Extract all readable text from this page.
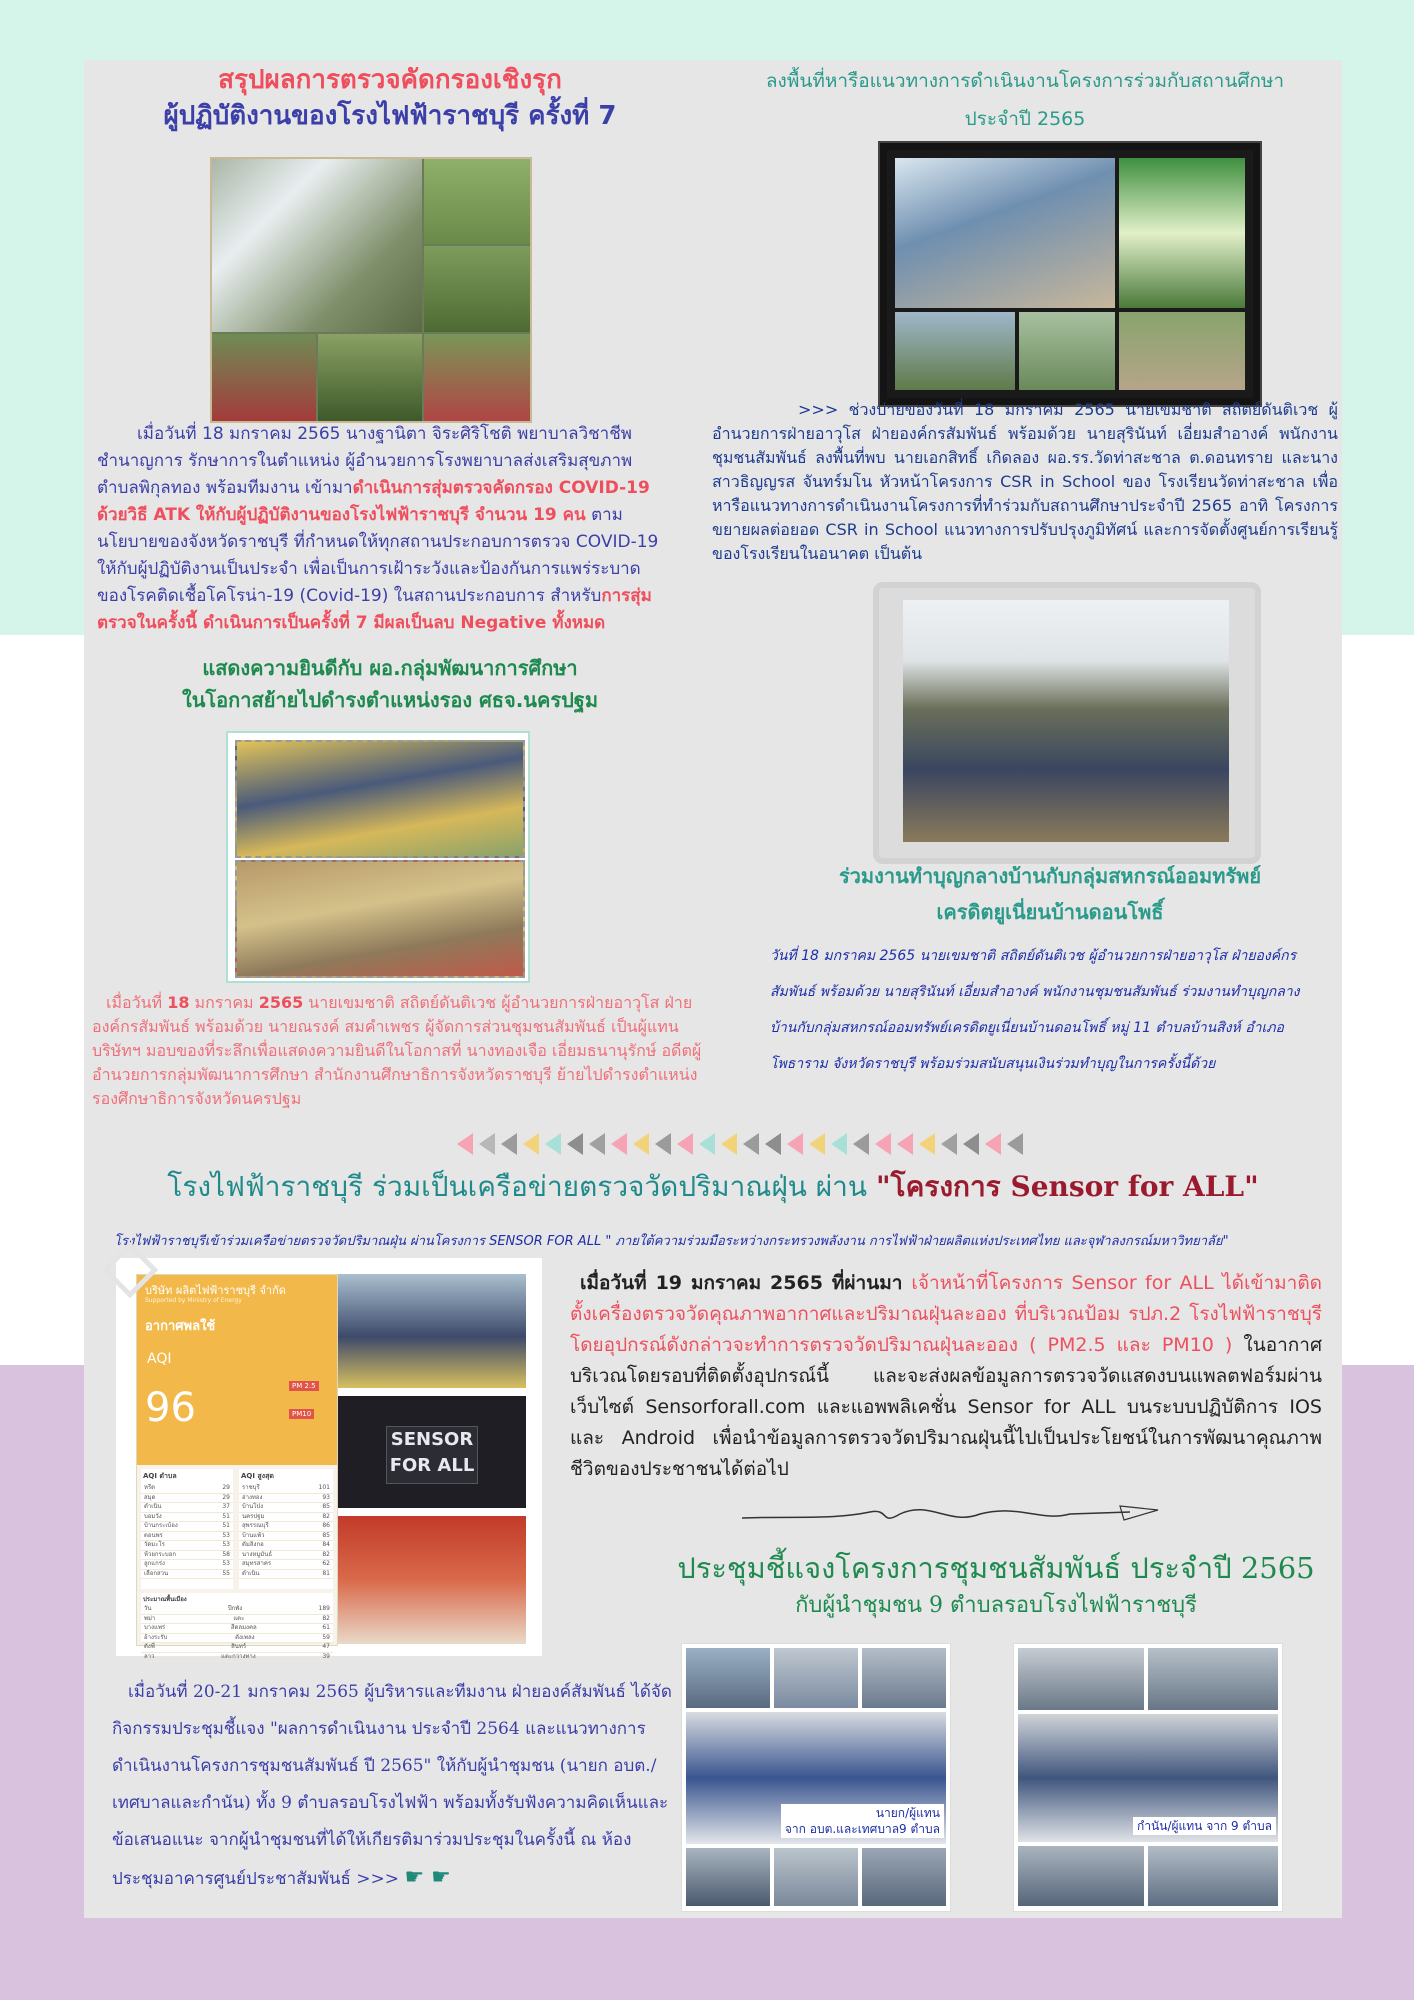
สรุปผลการตรวจคัดกรองเชิงรุก
ผู้ปฏิบัติงานของโรงไฟฟ้าราชบุรี ครั้งที่ 7
เมื่อวันที่ 18 มกราคม 2565 นางฐานิตา จิระศิริโชติ พยาบาลวิชาชีพ ชำนาญการ รักษาการในตำแหน่ง ผู้อำนวยการโรงพยาบาลส่งเสริมสุขภาพตำบลพิกุลทอง พร้อมทีมงาน เข้ามาดำเนินการสุ่มตรวจคัดกรอง COVID-19 ด้วยวิธี ATK ให้กับผู้ปฏิบัติงานของโรงไฟฟ้าราชบุรี จำนวน 19 คน ตามนโยบายของจังหวัดราชบุรี ที่กำหนดให้ทุกสถานประกอบการตรวจ COVID-19 ให้กับผู้ปฏิบัติงานเป็นประจำ เพื่อเป็นการเฝ้าระวังและป้องกันการแพร่ระบาดของโรคติดเชื้อโคโรน่า-19 (Covid-19) ในสถานประกอบการ สำหรับการสุ่มตรวจในครั้งนี้ ดำเนินการเป็นครั้งที่ 7 มีผลเป็นลบ Negative ทั้งหมด
ลงพื้นที่หารือแนวทางการดำเนินงานโครงการร่วมกับสถานศึกษา
ประจำปี 2565
>>> ช่วงบ่ายของวันที่ 18 มกราคม 2565 นายเขมชาติ สถิตย์ดันติเวช ผู้อำนวยการฝ่ายอาวุโส ฝ่ายองค์กรสัมพันธ์ พร้อมด้วย นายสุรินันท์ เอี่ยมสำอางค์ พนักงานชุมชนสัมพันธ์ ลงพื้นที่พบ นายเอกสิทธิ์ เกิดลอง ผอ.รร.วัดท่าสะชาล ต.ดอนทราย และนางสาวธิญญรส จันทร์มโน หัวหน้าโครงการ CSR in School ของ โรงเรียนวัดท่าสะชาล เพื่อหารือแนวทางการดำเนินงานโครงการที่ทำร่วมกับสถานศึกษาประจำปี 2565 อาทิ โครงการขยายผลต่อยอด CSR in School แนวทางการปรับปรุงภูมิทัศน์ และการจัดตั้งศูนย์การเรียนรู้ของโรงเรียนในอนาคต เป็นต้น
แสดงความยินดีกับ ผอ.กลุ่มพัฒนาการศึกษา
ในโอกาสย้ายไปดำรงตำแหน่งรอง ศธจ.นครปฐม
เมื่อวันที่ 18 มกราคม 2565 นายเขมชาติ สถิตย์ดันติเวช ผู้อำนวยการฝ่ายอาวุโส ฝ่ายองค์กรสัมพันธ์ พร้อมด้วย นายณรงค์ สมคำเพชร ผู้จัดการส่วนชุมชนสัมพันธ์ เป็นผู้แทนบริษัทฯ มอบของที่ระลึกเพื่อแสดงความยินดีในโอกาสที่ นางทองเจือ เอี่ยมธนานุรักษ์ อดีตผู้อำนวยการกลุ่มพัฒนาการศึกษา สำนักงานศึกษาธิการจังหวัดราชบุรี ย้ายไปดำรงตำแหน่งรองศึกษาธิการจังหวัดนครปฐม
ร่วมงานทำบุญกลางบ้านกับกลุ่มสหกรณ์ออมทรัพย์
เครดิตยูเนี่ยนบ้านดอนโพธิ์
วันที่ 18 มกราคม 2565 นายเขมชาติ สถิตย์ดันติเวช ผู้อำนวยการฝ่ายอาวุโส ฝ่ายองค์กรสัมพันธ์ พร้อมด้วย นายสุรินันท์ เอี่ยมสำอางค์ พนักงานชุมชนสัมพันธ์ ร่วมงานทำบุญกลางบ้านกับกลุ่มสหกรณ์ออมทรัพย์เครดิตยูเนี่ยนบ้านดอนโพธิ์ หมู่ 11 ตำบลบ้านสิงห์ อำเภอโพธาราม จังหวัดราชบุรี พร้อมร่วมสนับสนุนเงินร่วมทำบุญในการครั้งนี้ด้วย
โรงไฟฟ้าราชบุรี ร่วมเป็นเครือข่ายตรวจวัดปริมาณฝุ่น ผ่าน "โครงการ Sensor for ALL"
โรงไฟฟ้าราชบุรีเข้าร่วมเครือข่ายตรวจวัดปริมาณฝุ่น ผ่านโครงการ SENSOR FOR ALL " ภายใต้ความร่วมมือระหว่างกระทรวงพลังงาน การไฟฟ้าฝ่ายผลิตแห่งประเทศไทย และจุฬาลงกรณ์มหาวิทยาลัย"
บริษัท ผลิตไฟฟ้าราชบุรี จำกัด
Supported by Ministry of Energy
อากาศพลใช้
AQI
96	PM 2.5
PM10
AQI ตำบล
หรีด	29
สมุด	29
ดำเนิน	37
บอมวัง	51
บ้านกระเบ้อง	51
ดอนพร	53
วัดมะโร	53
ห้วยกระบอก	58
ลูกแกร่ง	53
เลือกสวน	55
AQI สูงสุด
ราชบุรี	101
อ่างทอง	93
บ้านโป่ง	85
นครปฐม	82
สุพรรณบุรี	86
บ้านแพ้ว	85
ดัมลิงกอ	84
นางหมูมันธ์	82
สมุทรสาคร	62
ดำเนิน	81
ประมาณพื้นเมือง
วัน	ปีกพัง	189
พม่า	แตะ	82
บางแพร่	สีตลมงคล	61
อ้างระรับ	ตังเพลง	59
ดังพี่	สินทร์	47
ลาว	แตะกวางทาง	39
SENSOR FOR ALL
เมื่อวันที่ 19 มกราคม 2565 ที่ผ่านมา เจ้าหน้าที่โครงการ Sensor for ALL ได้เข้ามาติดตั้งเครื่องตรวจวัดคุณภาพอากาศและปริมาณฝุ่นละออง ที่บริเวณป้อม รปภ.2 โรงไฟฟ้าราชบุรี โดยอุปกรณ์ดังกล่าวจะทำการตรวจวัดปริมาณฝุ่นละออง ( PM2.5 และ PM10 ) ในอากาศบริเวณโดยรอบที่ติดตั้งอุปกรณ์นี้ และจะส่งผลข้อมูลการตรวจวัดแสดงบนแพลตฟอร์มผ่านเว็บไซต์ Sensorforall.com และแอพพลิเคชั่น Sensor for ALL บนระบบปฏิบัติการ IOS และ Android เพื่อนำข้อมูลการตรวจวัดปริมาณฝุ่นนี้ไปเป็นประโยชน์ในการพัฒนาคุณภาพชีวิตของประชาชนได้ต่อไป
ประชุมชี้แจงโครงการชุมชนสัมพันธ์ ประจำปี 2565
กับผู้นำชุมชน 9 ตำบลรอบโรงไฟฟ้าราชบุรี
เมื่อวันที่ 20-21 มกราคม 2565 ผู้บริหารและทีมงาน ฝ่ายองค์สัมพันธ์ ได้จัดกิจกรรมประชุมชี้แจง "ผลการดำเนินงาน ประจำปี 2564 และแนวทางการดำเนินงานโครงการชุมชนสัมพันธ์ ปี 2565" ให้กับผู้นำชุมชน (นายก อบต./เทศบาลและกำนัน) ทั้ง 9 ตำบลรอบโรงไฟฟ้า พร้อมทั้งรับฟังความคิดเห็นและข้อเสนอแนะ จากผู้นำชุมชนที่ได้ให้เกียรติมาร่วมประชุมในครั้งนี้ ณ ห้องประชุมอาคารศูนย์ประชาสัมพันธ์ >>> ☛ ☛
นายก/ผู้แทน
จาก อบต.และเทศบาล9 ตำบล	กำนัน/ผู้แทน จาก 9 ตำบล
